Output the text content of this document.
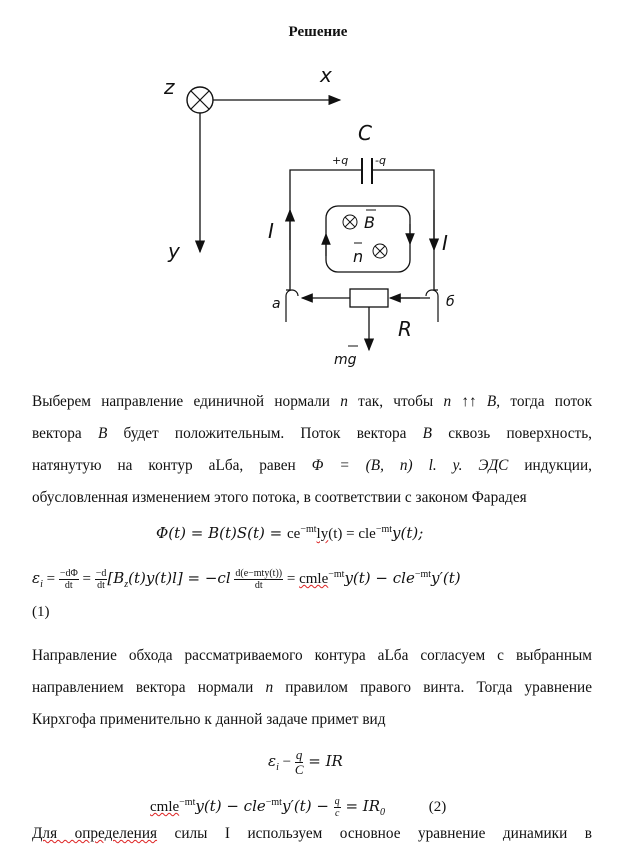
Решение
z	x
y
C
+q -q
I	I
B
n
a	б
R
mg
Выберем направление единичной нормали n так, чтобы n ↑↑ B, тогда поток
вектора B будет положительным. Поток вектора B сквозь поверхность,
натянутую на контур аLба, равен Φ = (B, n) l. y. ЭДС индукции,
обусловленная изменением этого потока, в соответствии с законом Фарадея
$\Phi(t) = B(t)S(t) = ce^{-mt}ly(t) = cle^{-mt}y(t)$;
$\varepsilon_i = \frac{-d\Phi}{dt} = \frac{-d}{dt} [B_z(t)y(t)l] = -cl \frac{\text{d(e−mty(t))}}{dt}$ = cmle$^{-mt}$y(t) − cle$^{-mt}$y′(t)
(1)
Направление обхода рассматриваемого контура аLба согласуем с выбранным
направлением вектора нормали n правилом правого винта. Тогда уравнение
Кирхгофа применительно к данной задаче примет вид
$\varepsilon_i - \frac{q}{C}$ = IR
cmle$^{-mt}$y(t) − $cle^{-mt}y'(t) - \frac{q}{c} = IR_0$	(2)
Для определения силы I используем основное уравнение динамики в
